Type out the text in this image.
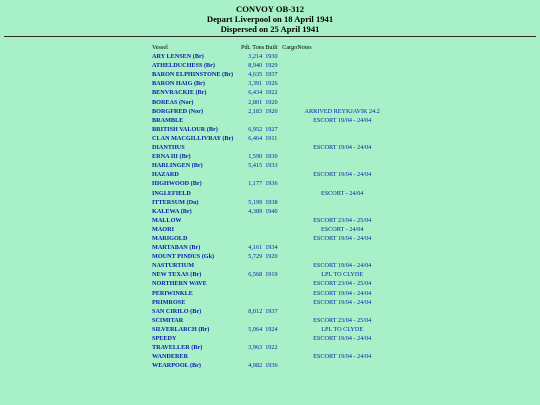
CONVOY OB-312
Depart Liverpool on 18 April 1941
Dispersed on 25 April 1941
Vessel	Pdt. Tons	Built	Cargo	Notes
ARY LENSEN (Br)	3,214	1930		
ATHELDUCHESS (Br)	8,940	1929		
BARON ELPHINSTONE (Br)	4,635	1937		
BARON HAIG (Br)	3,391	1926		
BENVRACKIE (Br)	6,434	1922		
BOREAS (Nor)	2,801	1920		
BORGFRED (Nor)	2,183	1920		ARRIVED REYKJAVIK 24.2
BRAMBLE				ESCORT 19/04 - 24/04
BRITISH VALOUR (Br)	6,952	1927		
CLAN MACGILLIVRAY (Br)	6,464	1911		
DIANTHUS				ESCORT 19/04 - 24/04
ERNA III (Br)	1,590	1930		
HARLINGEN (Br)	5,415	1933		
HAZARD				ESCORT 19/04 - 24/04
HIGHWOOD (Br)	1,177	1936		
INGLEFIELD				ESCORT - 24/04
ITTERSUM (Du)	5,199	1938		
KALEWA (Br)	4,389	1940		
MALLOW				ESCORT 23/04 - 25/04
MAORI				ESCORT - 24/04
MARIGOLD				ESCORT 19/04 - 24/04
MARTABAN (Br)	4,161	1934		
MOUNT PINDUS (Gk)	5,729	1920		
NASTURTIUM				ESCORT 19/04 - 24/04
NEW TEXAS (Br)	6,568	1919		LPL TO CLYDE
NORTHERN WAVE				ESCORT 23/04 - 25/04
PERIWINKLE				ESCORT 19/04 - 24/04
PRIMROSE				ESCORT 19/04 - 24/04
SAN CIRILO (Br)	8,012	1937		
SCIMITAR				ESCORT 23/04 - 25/04
SILVERLARCH (Br)	5,064	1924		LPL TO CLYDE
SPEEDY				ESCORT 19/04 - 24/04
TRAVELLER (Br)	3,963	1922		
WANDERER				ESCORT 19/04 - 24/04
WEARPOOL (Br)	4,982	1936		
